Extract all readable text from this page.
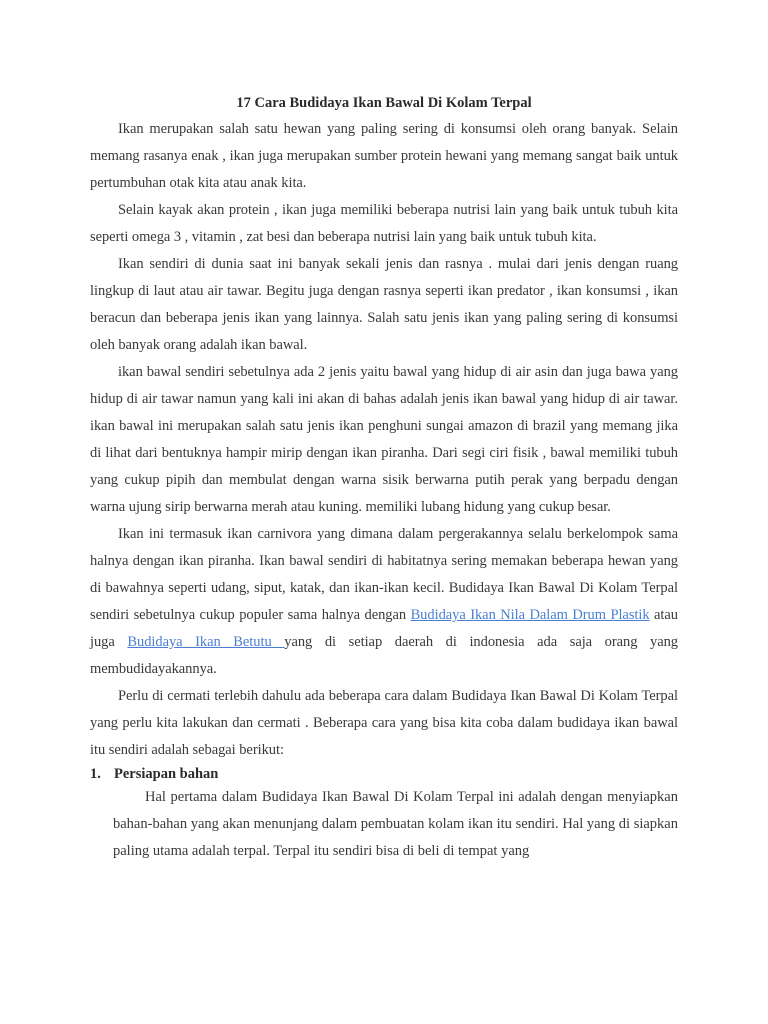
17 Cara Budidaya Ikan Bawal Di Kolam Terpal

Ikan merupakan salah satu hewan yang paling sering di konsumsi oleh orang banyak. Selain memang rasanya enak , ikan juga merupakan sumber protein hewani yang memang sangat baik untuk pertumbuhan otak kita atau anak kita.

Selain kayak akan protein , ikan juga memiliki beberapa nutrisi lain yang baik untuk tubuh kita seperti omega 3 , vitamin , zat besi dan beberapa nutrisi lain yang baik untuk tubuh kita.

Ikan sendiri di dunia saat ini banyak sekali jenis dan rasnya . mulai dari jenis dengan ruang lingkup di laut atau air tawar. Begitu juga dengan rasnya seperti ikan predator , ikan konsumsi , ikan beracun dan beberapa jenis ikan yang lainnya. Salah satu jenis ikan yang paling sering di konsumsi oleh banyak orang adalah ikan bawal.

ikan bawal sendiri sebetulnya ada 2 jenis yaitu bawal yang hidup di air asin dan juga bawa yang hidup di air tawar namun yang kali ini akan di bahas adalah jenis ikan bawal yang hidup di air tawar. ikan bawal ini merupakan salah satu jenis ikan penghuni sungai amazon di brazil yang memang jika di lihat dari bentuknya hampir mirip dengan ikan piranha. Dari segi ciri fisik , bawal memiliki tubuh yang cukup pipih dan membulat dengan warna sisik berwarna putih perak yang berpadu dengan warna ujung sirip berwarna merah atau kuning. memiliki lubang hidung yang cukup besar.

Ikan ini termasuk ikan carnivora yang dimana dalam pergerakannya selalu berkelompok sama halnya dengan ikan piranha. Ikan bawal sendiri di habitatnya sering memakan beberapa hewan yang di bawahnya seperti udang, siput, katak, dan ikan-ikan kecil. Budidaya Ikan Bawal Di Kolam Terpal sendiri sebetulnya cukup populer sama halnya dengan Budidaya Ikan Nila Dalam Drum Plastik atau juga Budidaya Ikan Betutu yang di setiap daerah di indonesia ada saja orang yang membudidayakannya.

Perlu di cermati terlebih dahulu ada beberapa cara dalam Budidaya Ikan Bawal Di Kolam Terpal yang perlu kita lakukan dan cermati . Beberapa cara yang bisa kita coba dalam budidaya ikan bawal itu sendiri adalah sebagai berikut:

1. Persiapan bahan

Hal pertama dalam Budidaya Ikan Bawal Di Kolam Terpal ini adalah dengan menyiapkan bahan-bahan yang akan menunjang dalam pembuatan kolam ikan itu sendiri. Hal yang di siapkan paling utama adalah terpal. Terpal itu sendiri bisa di beli di tempat yang
